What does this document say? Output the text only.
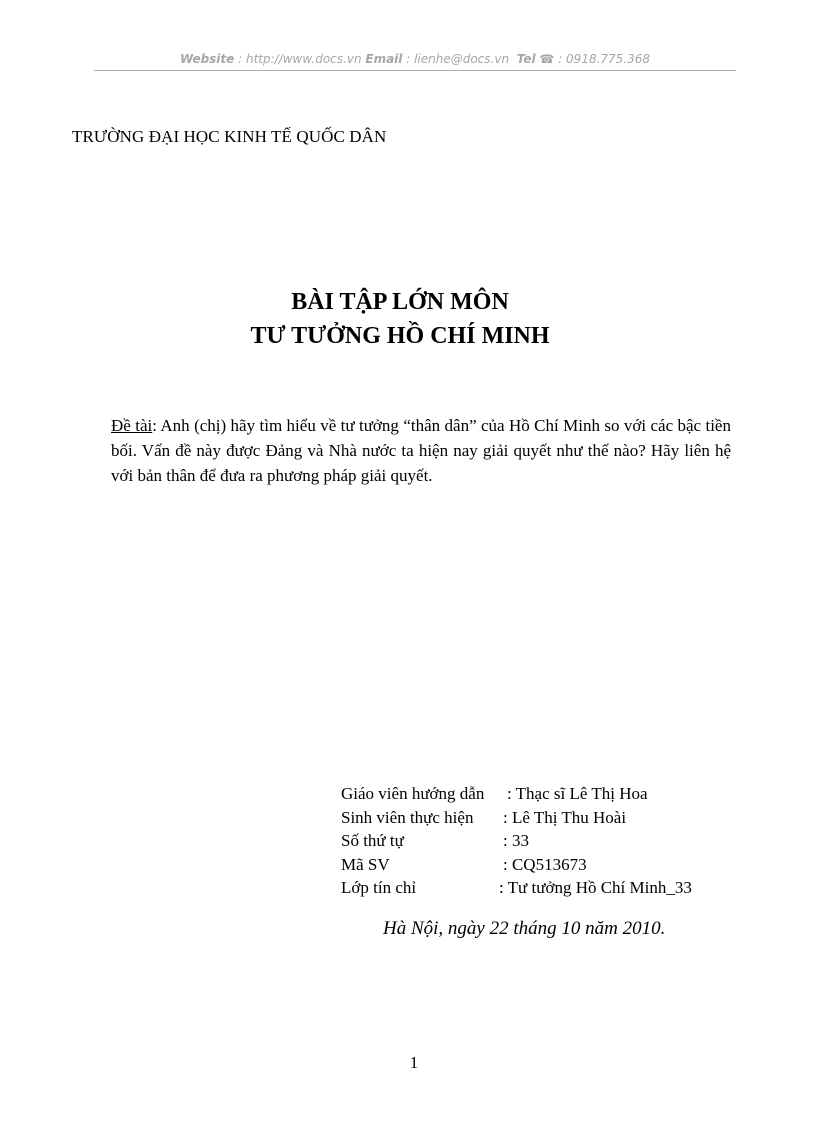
Website : http://www.docs.vn Email : lienhe@docs.vn  Tel ☎ : 0918.775.368
TRƯỜNG ĐẠI HỌC KINH TẾ QUỐC DÂN
BÀI TẬP LỚN MÔN
TƯ TƯỞNG HỒ CHÍ MINH
Đề tài: Anh (chị) hãy tìm hiểu về tư tưởng “thân dân” của Hồ Chí Minh so với các bậc tiền bối. Vấn đề này được Đảng và Nhà nước ta hiện nay giải quyết như thế nào? Hãy liên hệ với bản thân để đưa ra phương pháp giải quyết.
Giáo viên hướng dẫn : Thạc sĩ Lê Thị Hoa
Sinh viên thực hiện : Lê Thị Thu Hoài
Số thứ tự	: 33
Mã SV	: CQ513673
Lớp tín chỉ	: Tư tưởng Hồ Chí Minh_33
Hà Nội, ngày 22 tháng 10 năm 2010.
1
